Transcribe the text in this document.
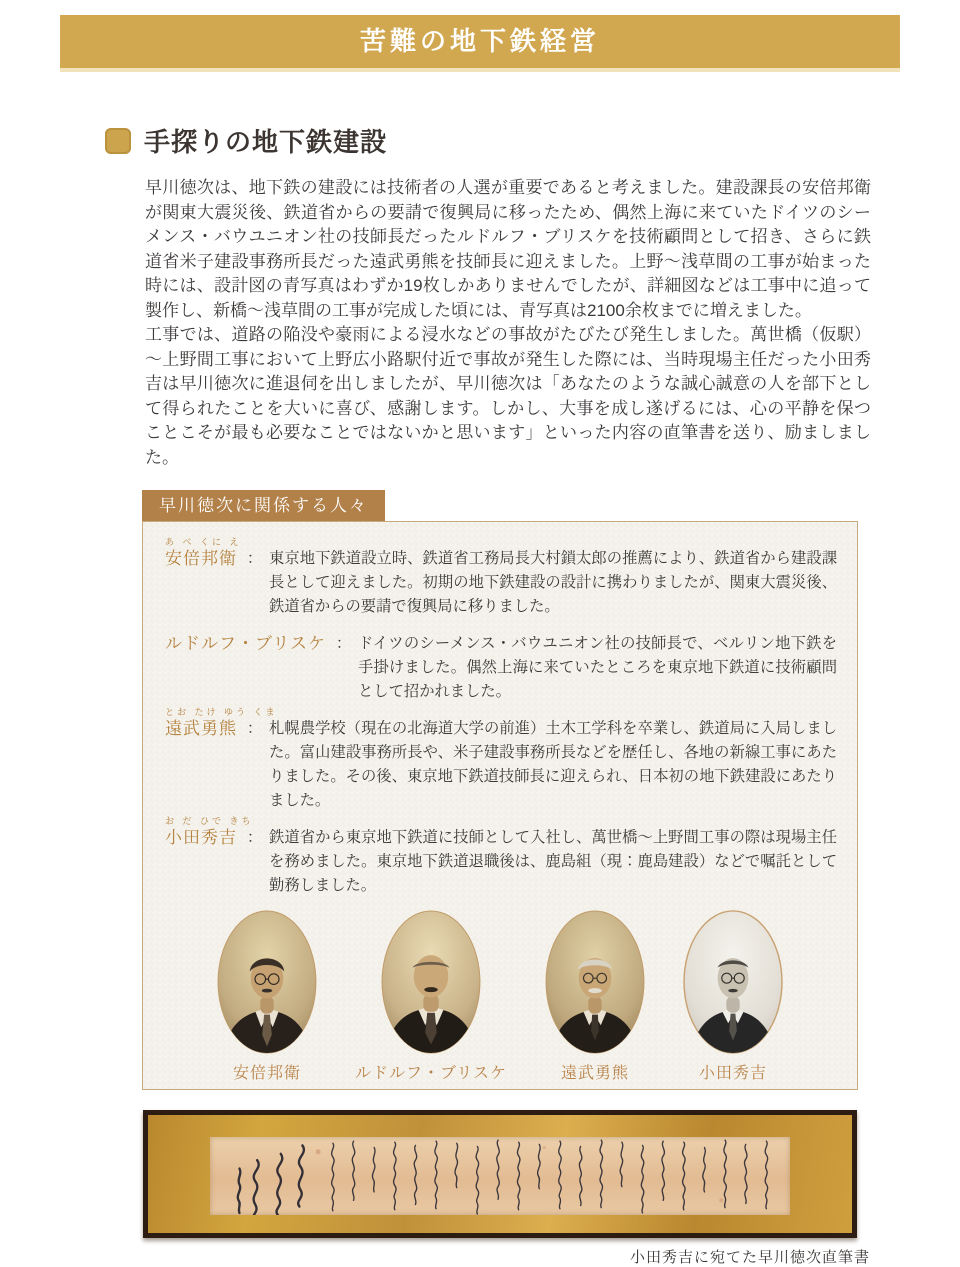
苦難の地下鉄経営
手探りの地下鉄建設

早川徳次は、地下鉄の建設には技術者の人選が重要であると考えました。建設課長の安倍邦衛が関東大震災後、鉄道省からの要請で復興局に移ったため、偶然上海に来ていたドイツのシーメンス・バウユニオン社の技師長だったルドルフ・ブリスケを技術顧問として招き、さらに鉄道省米子建設事務所長だった遠武勇熊を技師長に迎えました。上野～浅草間の工事が始まった時には、設計図の青写真はわずか19枚しかありませんでしたが、詳細図などは工事中に追って製作し、新橋～浅草間の工事が完成した頃には、青写真は2100余枚までに増えました。

工事では、道路の陥没や豪雨による浸水などの事故がたびたび発生しました。萬世橋（仮駅）～上野間工事において上野広小路駅付近で事故が発生した際には、当時現場主任だった小田秀吉は早川徳次に進退伺を出しましたが、早川徳次は「あなたのような誠心誠意の人を部下として得られたことを大いに喜び、感謝します。しかし、大事を成し遂げるには、心の平静を保つことこそが最も必要なことではないかと思います」といった内容の直筆書を送り、励ましました。

早川徳次に関係する人々
あ べ くに え
安倍邦衛 ： 東京地下鉄道設立時、鉄道省工務局長大村鎖太郎の推薦により、鉄道省から建設課長として迎えました。初期の地下鉄建設の設計に携わりましたが、関東大震災後、鉄道省からの要請で復興局に移りました。

ルドルフ・ブリスケ ： ドイツのシーメンス・バウユニオン社の技師長で、ベルリン地下鉄を手掛けました。偶然上海に来ていたところを東京地下鉄道に技術顧問として招かれました。

とお たけ ゆう くま
遠武勇熊 ： 札幌農学校（現在の北海道大学の前進）土木工学科を卒業し、鉄道局に入局しました。富山建設事務所長や、米子建設事務所長などを歴任し、各地の新線工事にあたりました。その後、東京地下鉄道技師長に迎えられ、日本初の地下鉄建設にあたりました。

お だ ひで きち
小田秀吉 ： 鉄道省から東京地下鉄道に技師として入社し、萬世橋～上野間工事の際は現場主任を務めました。東京地下鉄道退職後は、鹿島組（現：鹿島建設）などで嘱託として勤務しました。

安倍邦衛	ルドルフ・ブリスケ	遠武勇熊	小田秀吉
小田秀吉に宛てた早川徳次直筆書
